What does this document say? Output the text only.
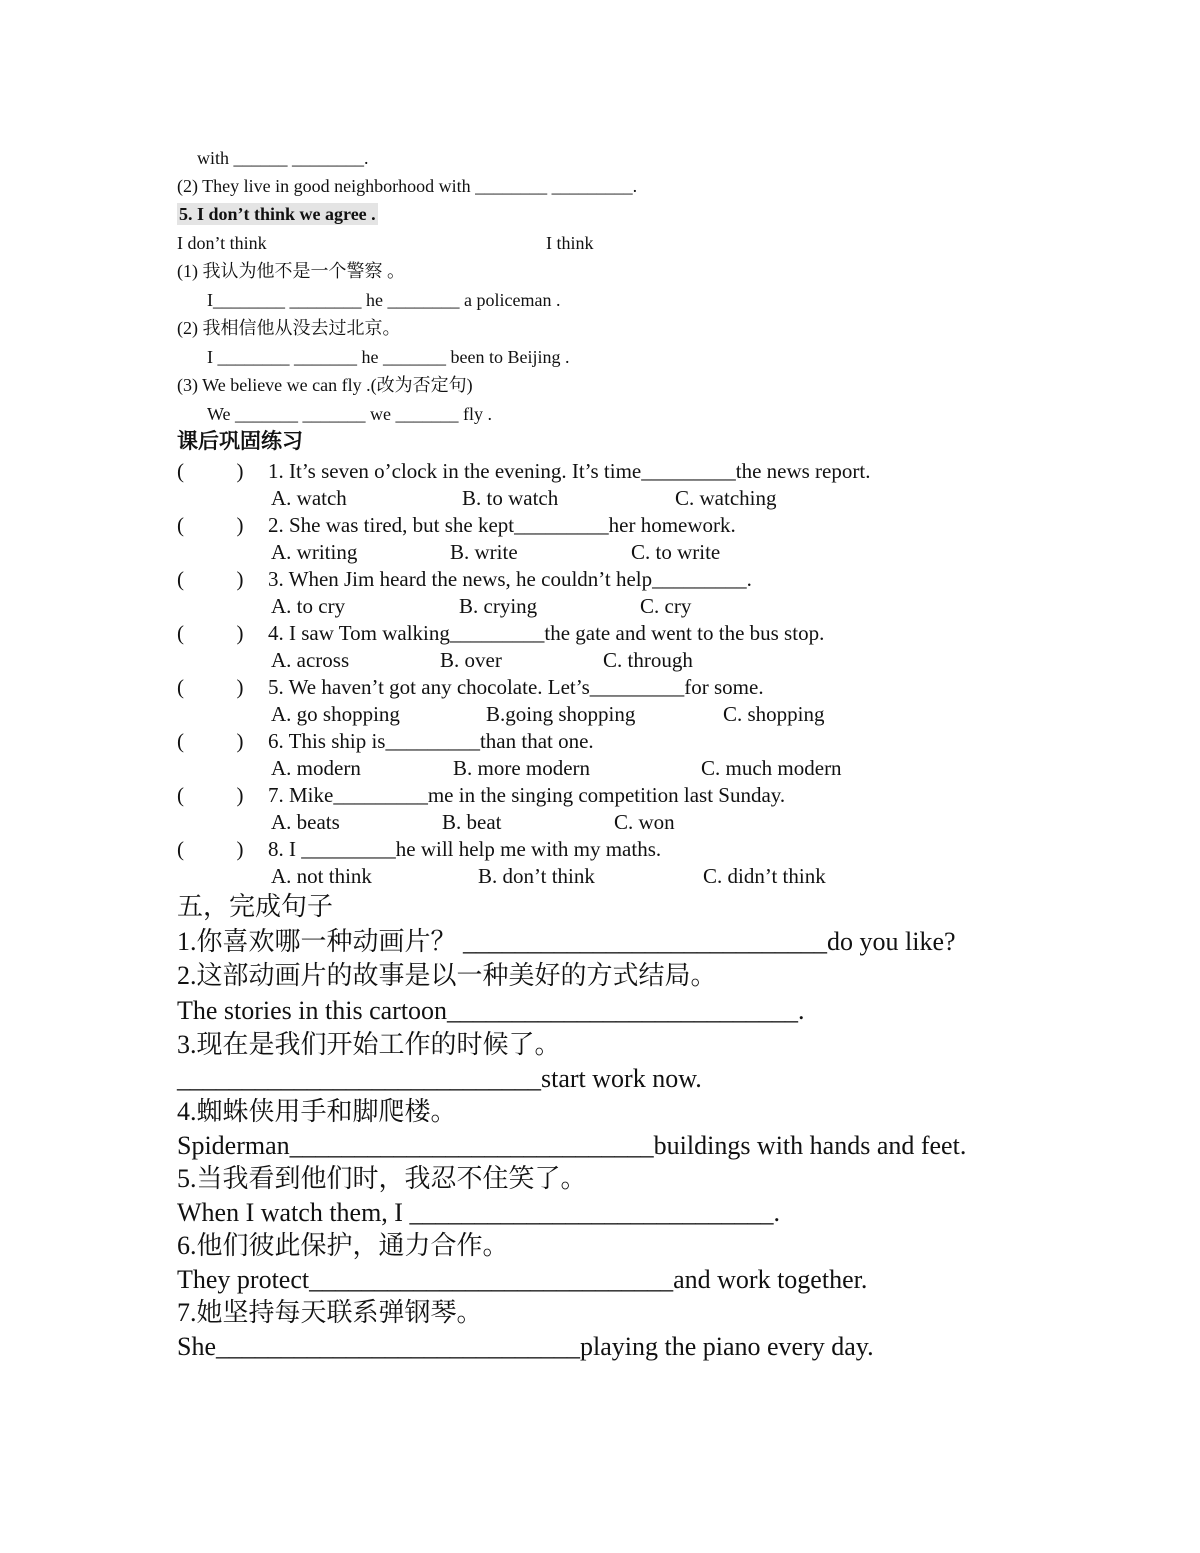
with ______ ________.
(2) They live in good neighborhood with ________ _________.
5. I don’t think we agree .
I don’t think	I think
(1) 我认为他不是一个警察 。
I________ ________ he ________ a policeman .
(2) 我相信他从没去过北京。
I ________ _______ he _______ been to Beijing .
(3) We believe we can fly .(改为否定句)
We _______ _______ we _______ fly .
课后巩固练习
(          ) 1. It’s seven o’clock in the evening. It’s time_________the news report.
A. watch	B. to watch	C. watching
(          ) 2. She was tired, but she kept_________her homework.
A. writing	B. write	C. to write
(          ) 3. When Jim heard the news, he couldn’t help_________.
A. to cry	B. crying	C. cry
(          ) 4. I saw Tom walking_________the gate and went to the bus stop.
A. across	B. over	C. through
(          ) 5. We haven’t got any chocolate. Let’s_________for some.
A. go shopping	B.going shopping	C. shopping
(          ) 6. This ship is_________than that one.
A. modern	B. more modern	C. much modern
(          ) 7. Mike_________me in the singing competition last Sunday.
A. beats	B. beat	C. won
(          ) 8. I _________he will help me with my maths.
A. not think	B. don’t think	C. didn’t think
五，完成句子
1.你喜欢哪一种动画片？ ____________________________do you like?
2.这部动画片的故事是以一种美好的方式结局。
The stories in this cartoon___________________________.
3.现在是我们开始工作的时候了。
____________________________start work now.
4.蜘蛛侠用手和脚爬楼。
Spiderman____________________________buildings with hands and feet.
5.当我看到他们时，我忍不住笑了。
When I watch them, I ____________________________.
6.他们彼此保护，通力合作。
They protect____________________________and work together.
7.她坚持每天联系弹钢琴。
She____________________________playing the piano every day.
